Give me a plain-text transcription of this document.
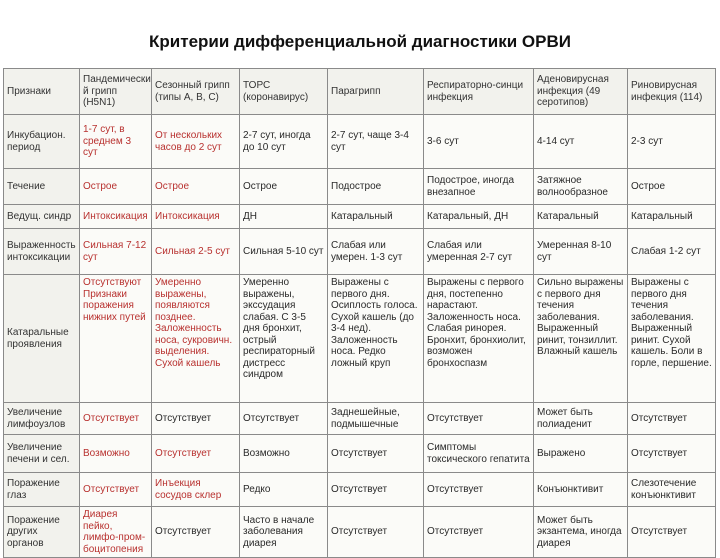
Критерии дифференциальной диагностики ОРВИ
Признаки	Пандемически й грипп (H5N1)	Сезонный грипп (типы А, В, С)	ТОРС (коронавирус)	Парагрипп	Респираторно-синци инфекция	Аденовирусная инфекция (49 серотипов)	Риновирусная инфекция (114)
Инкубацион. период	1-7 сут, в среднем 3 сут	От нескольких часов до 2 сут	2-7 сут, иногда до 10 сут	2-7 сут, чаще 3-4 сут	3-6 сут	4-14 сут	2-3 сут
Течение	Острое	Острое	Острое	Подострое	Подострое, иногда внезапное	Затяжное волнообразное	Острое
Ведущ. синдр	Интоксикация	Интоксикация	ДН	Катаральный	Катаральный, ДН	Катаральный	Катаральный
Выраженность интоксикации	Сильная 7-12 сут	Сильная 2-5 сут	Сильная 5-10 сут	Слабая или умерен. 1-3 сут	Слабая или умеренная 2-7 сут	Умеренная 8-10 сут	Слабая 1-2 сут
Катаральные проявления	Отсутствуют Признаки поражения нижних путей	Умеренно выражены, появляются позднее. Заложенность носа, сукровичн. выделения. Сухой кашель	Умеренно выражены, экссудация слабая. С 3-5 дня бронхит, острый респираторный дистресс синдром	Выражены с первого дня. Осиплость голоса. Сухой кашель (до 3-4 нед). Заложенность носа. Редко ложный круп	Выражены с первого дня, постепенно нарастают. Заложенность носа. Слабая ринорея. Бронхит, бронхиолит, возможен бронхоспазм	Сильно выражены с первого дня течения заболевания. Выраженный ринит, тонзиллит. Влажный кашель	Выражены с первого дня течения заболевания. Выраженный ринит. Сухой кашель. Боли в горле, першение.
Увеличение лимфоузлов	Отсутствует	Отсутствует	Отсутствует	Заднешейные, подмышечные	Отсутствует	Может быть полиаденит	Отсутствует
Увеличение печени и сел.	Возможно	Отсутствует	Возможно	Отсутствует	Симптомы токсического гепатита	Выражено	Отсутствует
Поражение глаз	Отсутствует	Инъекция сосудов склер	Редко	Отсутствует	Отсутствует	Конъюнктивит	Слезотечение конъюнктивит
Поражение других органов	Диарея пейко, лимфо-пром- боцитопения	Отсутствует	Часто в начале заболевания диарея	Отсутствует	Отсутствует	Может быть экзантема, иногда диарея	Отсутствует
